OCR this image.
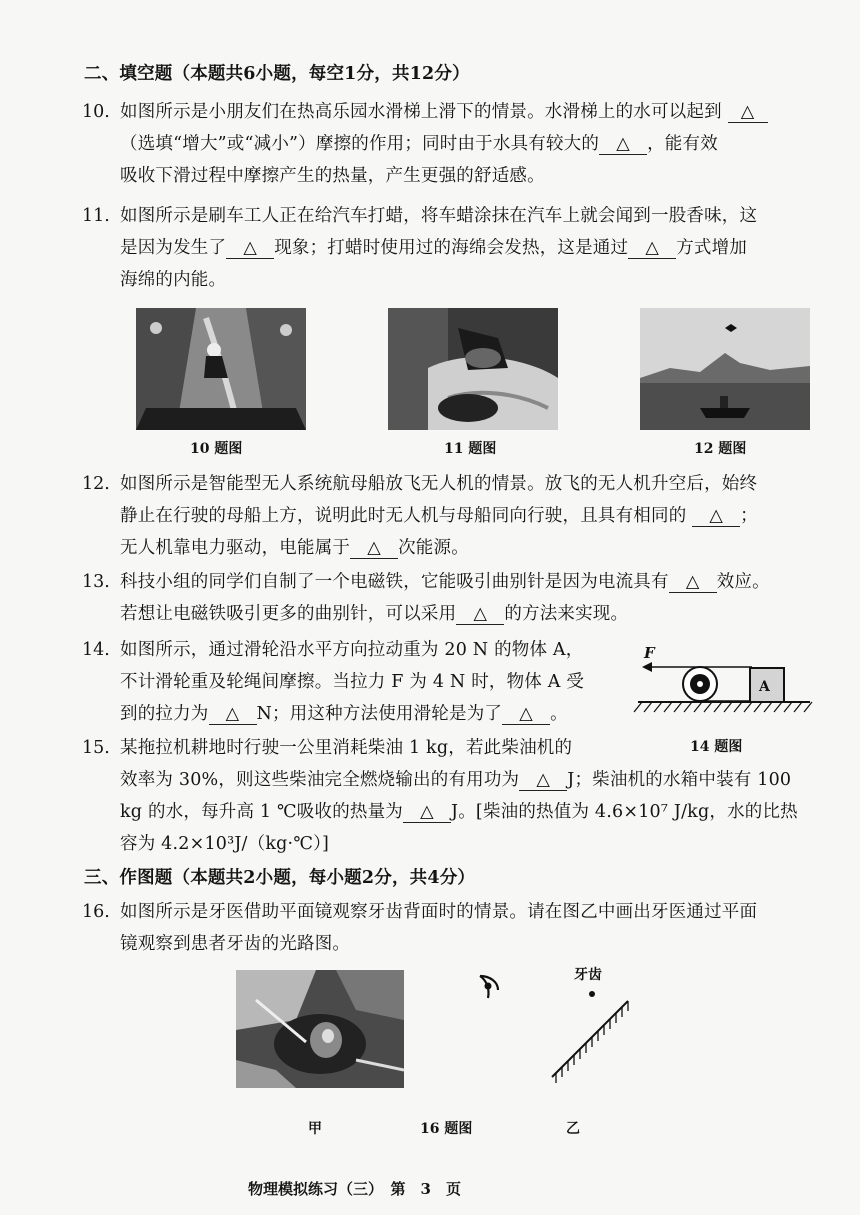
二、填空题（本题共6小题，每空1分，共12分）
10. 如图所示是小朋友们在热高乐园水滑梯上滑下的情景。水滑梯上的水可以起到 △
（选填“增大”或“减小”）摩擦的作用；同时由于水具有较大的 △ ，能有效
吸收下滑过程中摩擦产生的热量，产生更强的舒适感。
11. 如图所示是刷车工人正在给汽车打蜡，将车蜡涂抹在汽车上就会闻到一股香味，这
是因为发生了 △ 现象；打蜡时使用过的海绵会发热，这是通过 △ 方式增加
海绵的内能。
10 题图	11 题图	12 题图
12. 如图所示是智能型无人系统航母船放飞无人机的情景。放飞的无人机升空后，始终
静止在行驶的母船上方，说明此时无人机与母船同向行驶，且具有相同的 △ ；
无人机靠电力驱动，电能属于 △ 次能源。
13. 科技小组的同学们自制了一个电磁铁，它能吸引曲别针是因为电流具有 △ 效应。
若想让电磁铁吸引更多的曲别针，可以采用 △ 的方法来实现。
14. 如图所示，通过滑轮沿水平方向拉动重为 20 N 的物体 A，
不计滑轮重及轮绳间摩擦。当拉力 F 为 4 N 时，物体 A 受
到的拉力为 △ N；用这种方法使用滑轮是为了 △ 。
F
A
14 题图
15. 某拖拉机耕地时行驶一公里消耗柴油 1 kg，若此柴油机的
效率为 30%，则这些柴油完全燃烧输出的有用功为 △ J；柴油机的水箱中装有 100
kg 的水，每升高 1 ℃吸收的热量为 △ J。[柴油的热值为 4.6×10⁷ J/kg，水的比热
容为 4.2×10³J/（kg·℃）]
三、作图题（本题共2小题，每小题2分，共4分）
16. 如图所示是牙医借助平面镜观察牙齿背面时的情景。请在图乙中画出牙医通过平面
镜观察到患者牙齿的光路图。
牙齿
甲	16 题图	乙
物理模拟练习（三）　第　3　页
